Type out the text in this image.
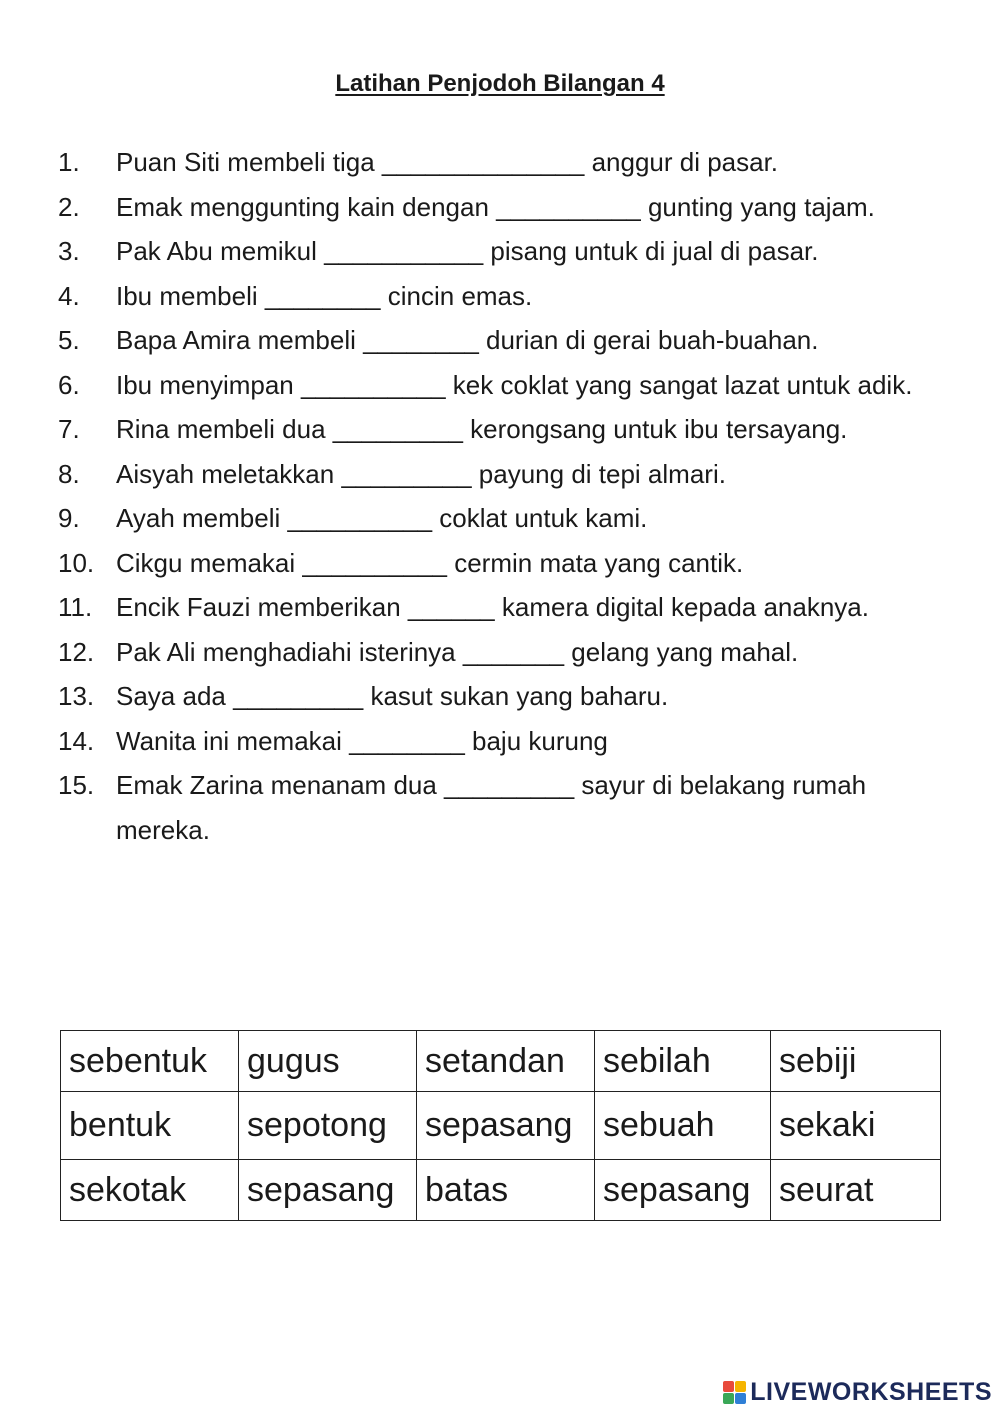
Latihan Penjodoh Bilangan 4
1.	Puan Siti membeli tiga ______________ anggur di pasar.
2.	Emak menggunting kain dengan __________ gunting yang tajam.
3.	Pak Abu memikul ___________ pisang untuk di jual di pasar.
4.	Ibu membeli ________ cincin emas.
5.	Bapa Amira membeli ________ durian di gerai buah-buahan.
6.	Ibu menyimpan __________ kek coklat yang sangat lazat untuk adik.
7.	Rina membeli dua _________ kerongsang untuk ibu tersayang.
8.	Aisyah meletakkan _________ payung di tepi almari.
9.	Ayah membeli __________ coklat untuk kami.
10. Cikgu memakai __________ cermin mata yang cantik.
11. Encik Fauzi memberikan ______ kamera digital kepada anaknya.
12. Pak Ali menghadiahi isterinya _______ gelang yang mahal.
13. Saya ada _________ kasut sukan yang baharu.
14. Wanita ini memakai ________ baju kurung
15. Emak Zarina menanam dua _________ sayur di belakang rumah mereka.
sebentuk	gugus	setandan	sebilah	sebiji
bentuk	sepotong	sepasang	sebuah	sekaki
sekotak	sepasang	batas	sepasang	seurat
LIVEWORKSHEETS
